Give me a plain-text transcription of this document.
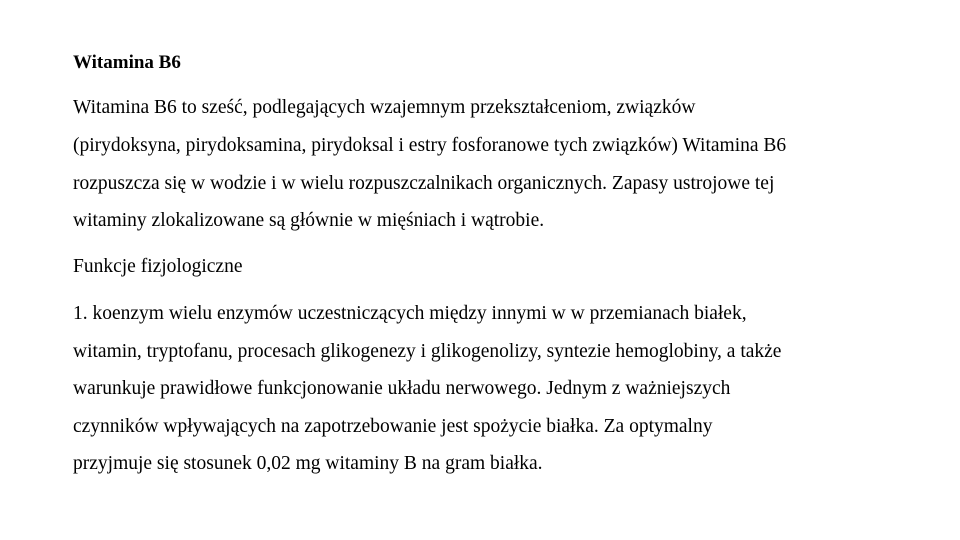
Witamina B6
Witamina B6 to sześć, podlegających wzajemnym przekształceniom, związków
(pirydoksyna, pirydoksamina, pirydoksal i estry fosforanowe tych związków) Witamina B6
rozpuszcza się w wodzie i w wielu rozpuszczalnikach organicznych. Zapasy ustrojowe tej
witaminy zlokalizowane są głównie w mięśniach i wątrobie.
Funkcje fizjologiczne
1. koenzym wielu enzymów uczestniczących między innymi w w przemianach białek,
witamin, tryptofanu, procesach glikogenezy i glikogenolizy, syntezie hemoglobiny, a także
warunkuje prawidłowe funkcjonowanie układu nerwowego. Jednym z ważniejszych
czynników wpływających na zapotrzebowanie jest spożycie białka. Za optymalny
przyjmuje się stosunek 0,02 mg witaminy B na gram białka.
